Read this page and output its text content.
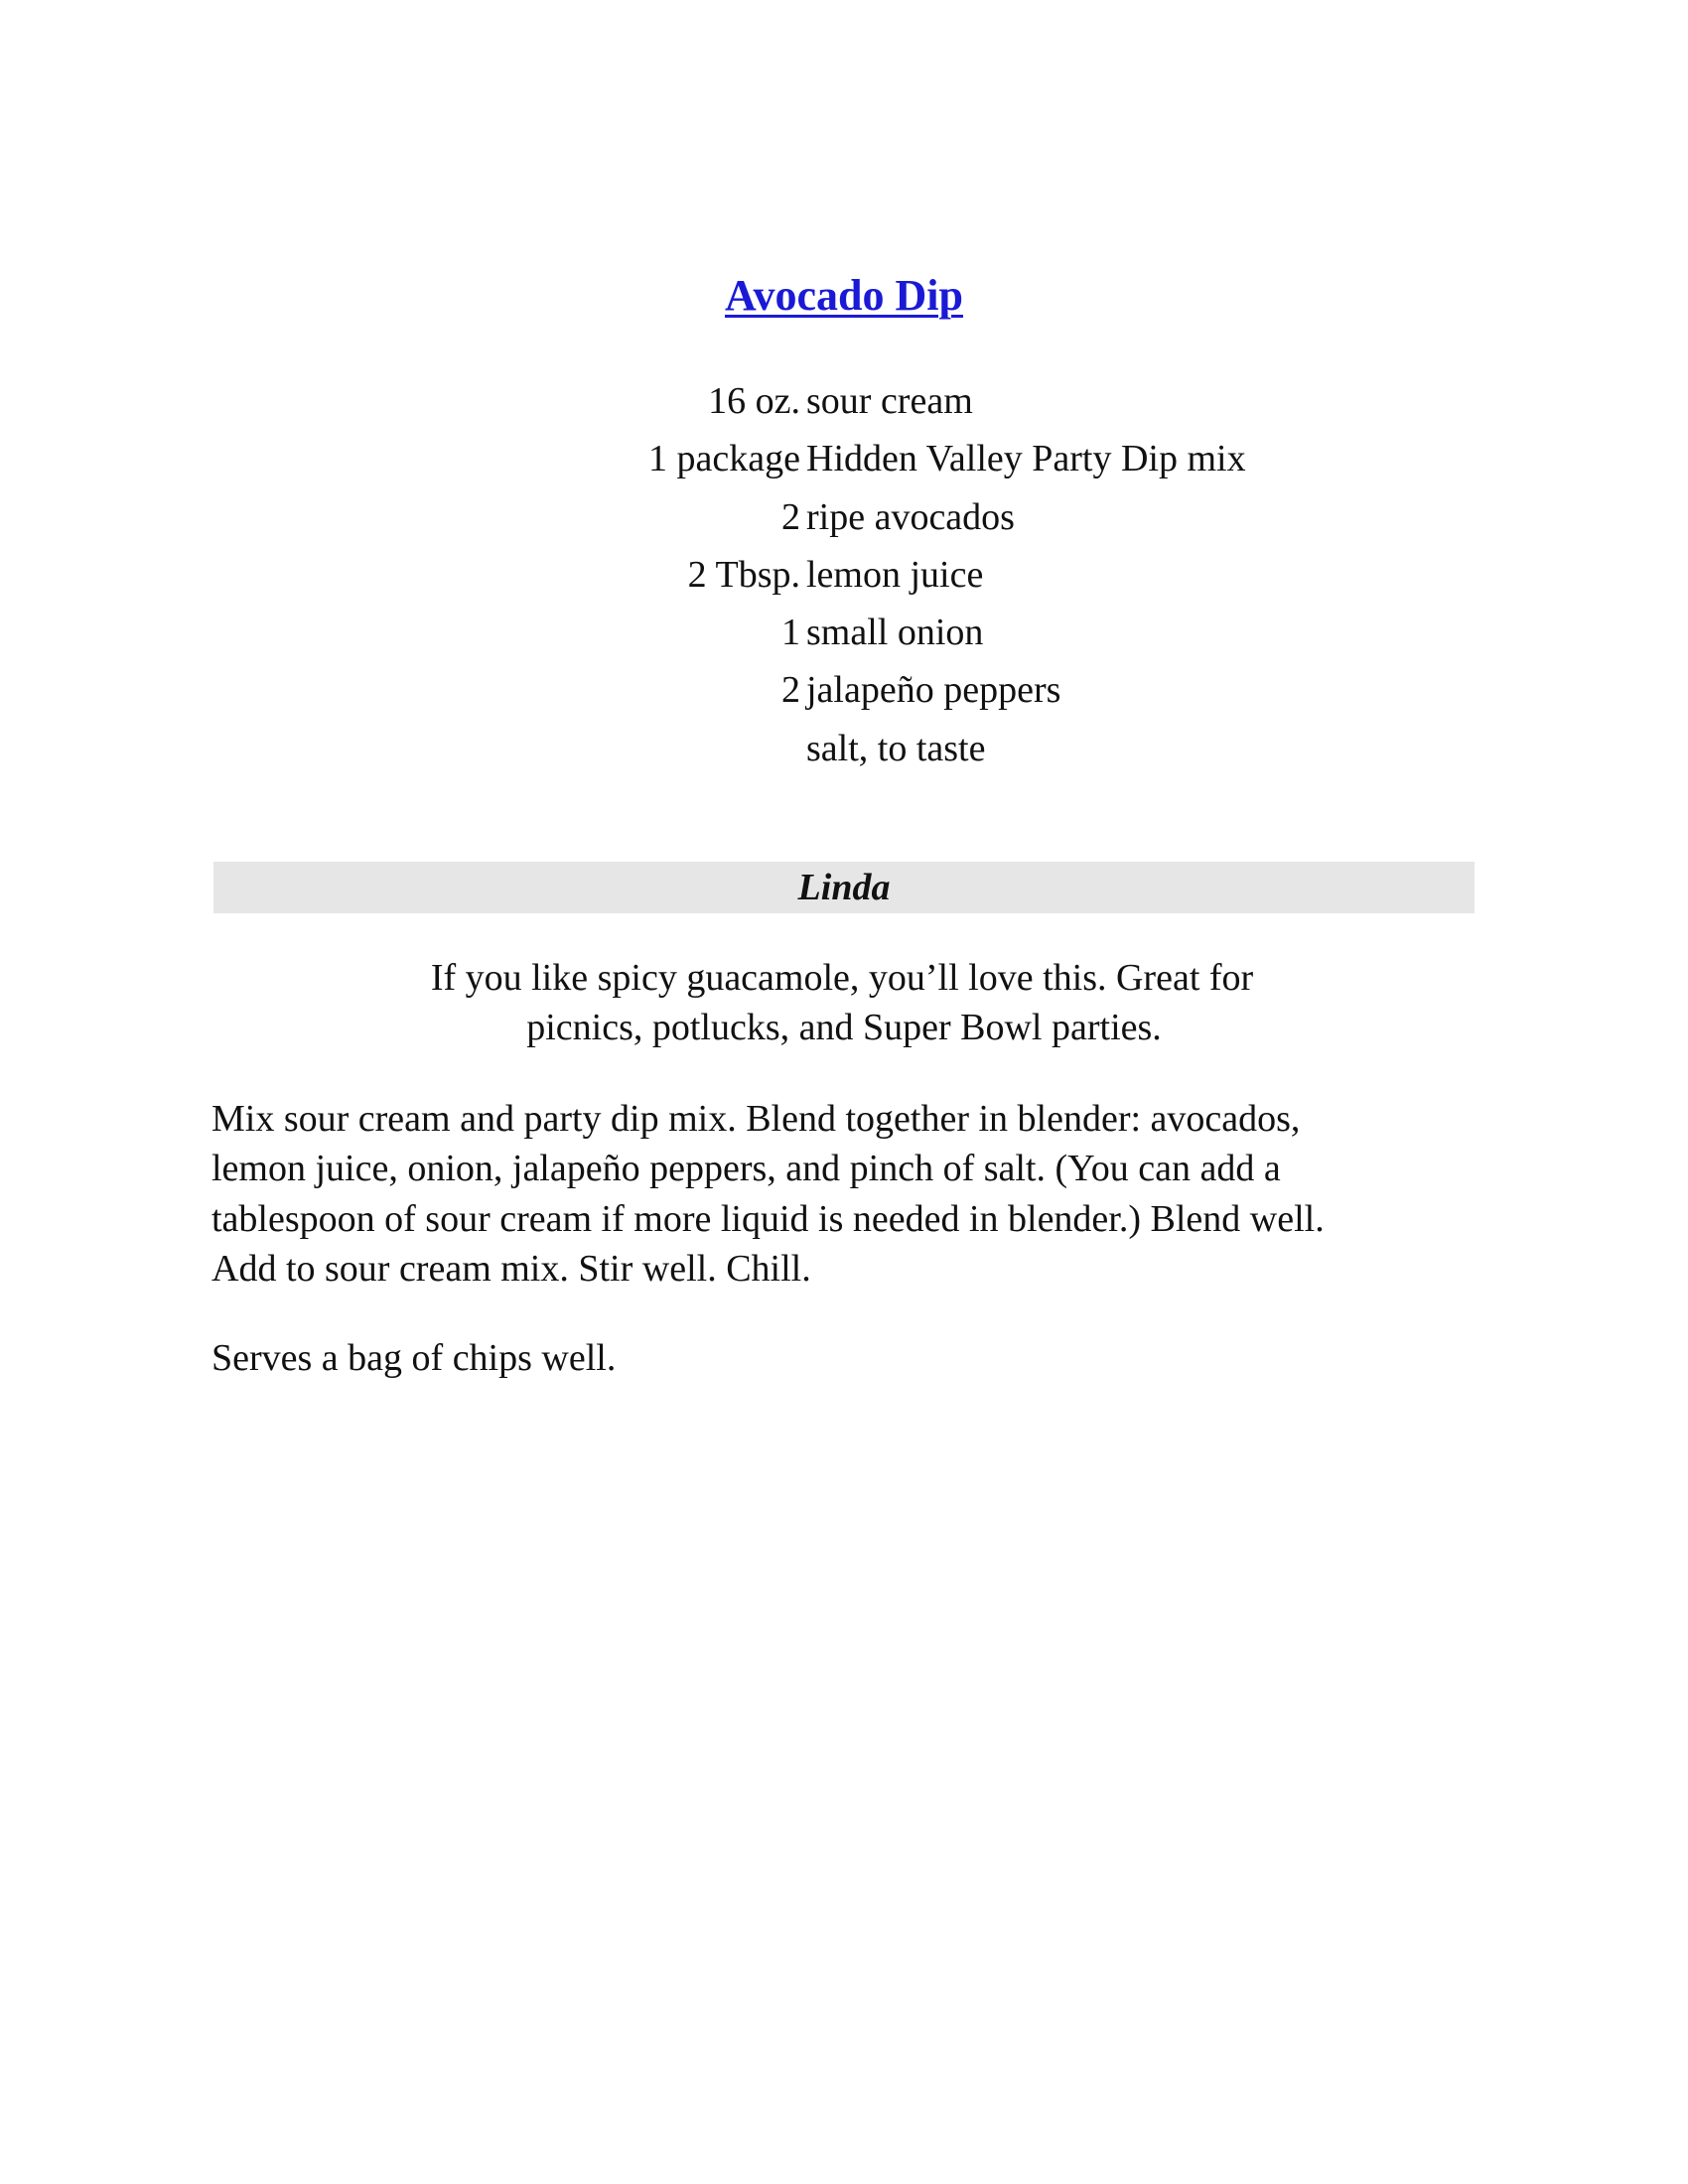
Avocado Dip
16 oz. sour cream
1 package Hidden Valley Party Dip mix
2 ripe avocados
2 Tbsp. lemon juice
1 small onion
2 jalapeño peppers
salt, to taste
Linda
If you like spicy guacamole, you’ll love this. Great for
picnics, potlucks, and Super Bowl parties.
Mix sour cream and party dip mix. Blend together in blender: avocados,
lemon juice, onion, jalapeño peppers, and pinch of salt. (You can add a
tablespoon of sour cream if more liquid is needed in blender.) Blend well.
Add to sour cream mix. Stir well. Chill.
Serves a bag of chips well.
